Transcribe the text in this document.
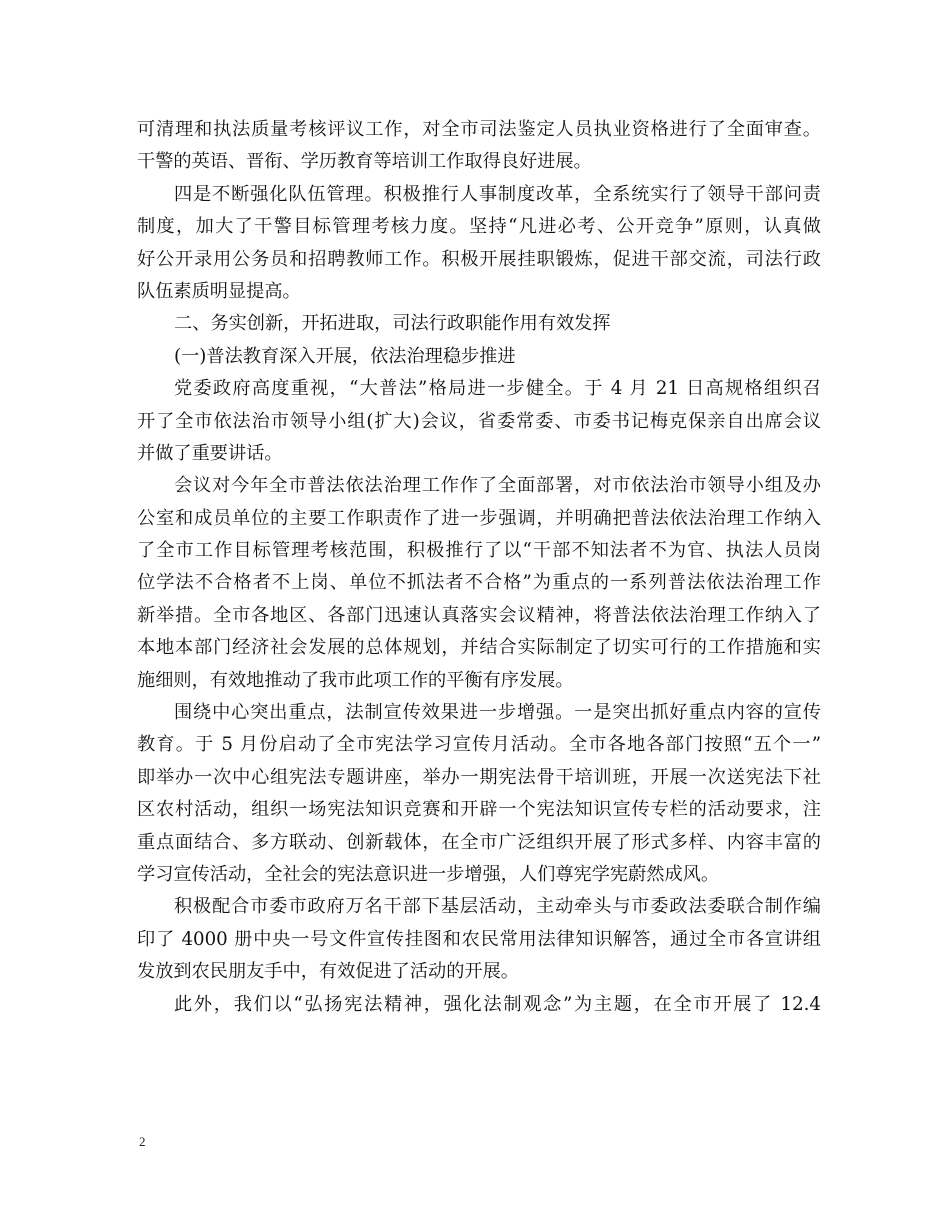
可清理和执法质量考核评议工作，对全市司法鉴定人员执业资格进行了全面审查。
干警的英语、晋衔、学历教育等培训工作取得良好进展。
四是不断强化队伍管理。积极推行人事制度改革，全系统实行了领导干部问责
制度，加大了干警目标管理考核力度。坚持“凡进必考、公开竞争”原则，认真做
好公开录用公务员和招聘教师工作。积极开展挂职锻炼，促进干部交流，司法行政
队伍素质明显提高。
二、务实创新，开拓进取，司法行政职能作用有效发挥
(一)普法教育深入开展，依法治理稳步推进
党委政府高度重视，“大普法”格局进一步健全。于 4 月 21 日高规格组织召
开了全市依法治市领导小组(扩大)会议，省委常委、市委书记梅克保亲自出席会议
并做了重要讲话。
会议对今年全市普法依法治理工作作了全面部署，对市依法治市领导小组及办
公室和成员单位的主要工作职责作了进一步强调，并明确把普法依法治理工作纳入
了全市工作目标管理考核范围，积极推行了以“干部不知法者不为官、执法人员岗
位学法不合格者不上岗、单位不抓法者不合格”为重点的一系列普法依法治理工作
新举措。全市各地区、各部门迅速认真落实会议精神，将普法依法治理工作纳入了
本地本部门经济社会发展的总体规划，并结合实际制定了切实可行的工作措施和实
施细则，有效地推动了我市此项工作的平衡有序发展。
围绕中心突出重点，法制宣传效果进一步增强。一是突出抓好重点内容的宣传
教育。于 5 月份启动了全市宪法学习宣传月活动。全市各地各部门按照“五个一”
即举办一次中心组宪法专题讲座，举办一期宪法骨干培训班，开展一次送宪法下社
区农村活动，组织一场宪法知识竞赛和开辟一个宪法知识宣传专栏的活动要求，注
重点面结合、多方联动、创新载体，在全市广泛组织开展了形式多样、内容丰富的
学习宣传活动，全社会的宪法意识进一步增强，人们尊宪学宪蔚然成风。
积极配合市委市政府万名干部下基层活动，主动牵头与市委政法委联合制作编
印了 4000 册中央一号文件宣传挂图和农民常用法律知识解答，通过全市各宣讲组
发放到农民朋友手中，有效促进了活动的开展。
此外，我们以“弘扬宪法精神，强化法制观念”为主题，在全市开展了 12.4
2
